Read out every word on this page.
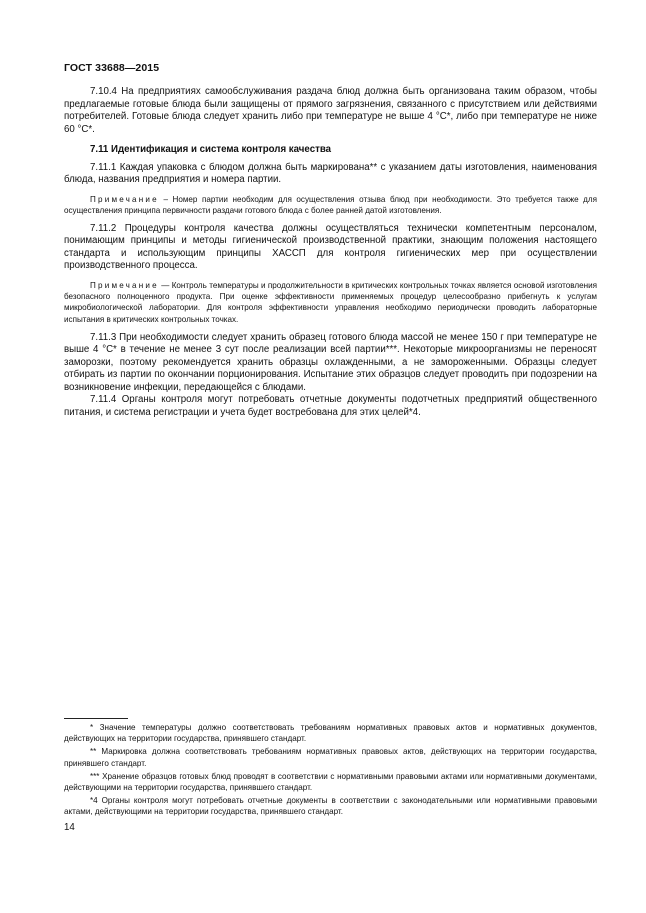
ГОСТ 33688—2015

7.10.4 На предприятиях самообслуживания раздача блюд должна быть организована таким образом, чтобы предлагаемые готовые блюда были защищены от прямого загрязнения, связанного с присутствием или действиями потребителей. Готовые блюда следует хранить либо при температуре не выше 4 °С*, либо при температуре не ниже 60 °С*.

7.11 Идентификация и система контроля качества

7.11.1 Каждая упаковка с блюдом должна быть маркирована** с указанием даты изготовления, наименования блюда, названия предприятия и номера партии.

Примечание – Номер партии необходим для осуществления отзыва блюд при необходимости. Это требуется также для осуществления принципа первичности раздачи готового блюда с более ранней датой изготовления.

7.11.2 Процедуры контроля качества должны осуществляться технически компетентным персоналом, понимающим принципы и методы гигиенической производственной практики, знающим положения настоящего стандарта и использующим принципы ХАССП для контроля гигиенических мер при осуществлении производственного процесса.

Примечание — Контроль температуры и продолжительности в критических контрольных точках является основой изготовления безопасного полноценного продукта. При оценке эффективности применяемых процедур целесообразно прибегнуть к услугам микробиологической лаборатории. Для контроля эффективности управления необходимо периодически проводить лабораторные испытания в критических контрольных точках.

7.11.3 При необходимости следует хранить образец готового блюда массой не менее 150 г при температуре не выше 4 °С* в течение не менее 3 сут после реализации всей партии***. Некоторые микроорганизмы не переносят заморозки, поэтому рекомендуется хранить образцы охлажденными, а не замороженными. Образцы следует отбирать из партии по окончании порционирования. Испытание этих образцов следует проводить при подозрении на возникновение инфекции, передающейся с блюдами.

7.11.4 Органы контроля могут потребовать отчетные документы подотчетных предприятий общественного питания, и система регистрации и учета будет востребована для этих целей*4.

* Значение температуры должно соответствовать требованиям нормативных правовых актов и нормативных документов, действующих на территории государства, принявшего стандарт.

** Маркировка должна соответствовать требованиям нормативных правовых актов, действующих на территории государства, принявшего стандарт.

*** Хранение образцов готовых блюд проводят в соответствии с нормативными правовыми актами или нормативными документами, действующими на территории государства, принявшего стандарт.

*4 Органы контроля могут потребовать отчетные документы в соответствии с законодательными или нормативными правовыми актами, действующими на территории государства, принявшего стандарт.

14
